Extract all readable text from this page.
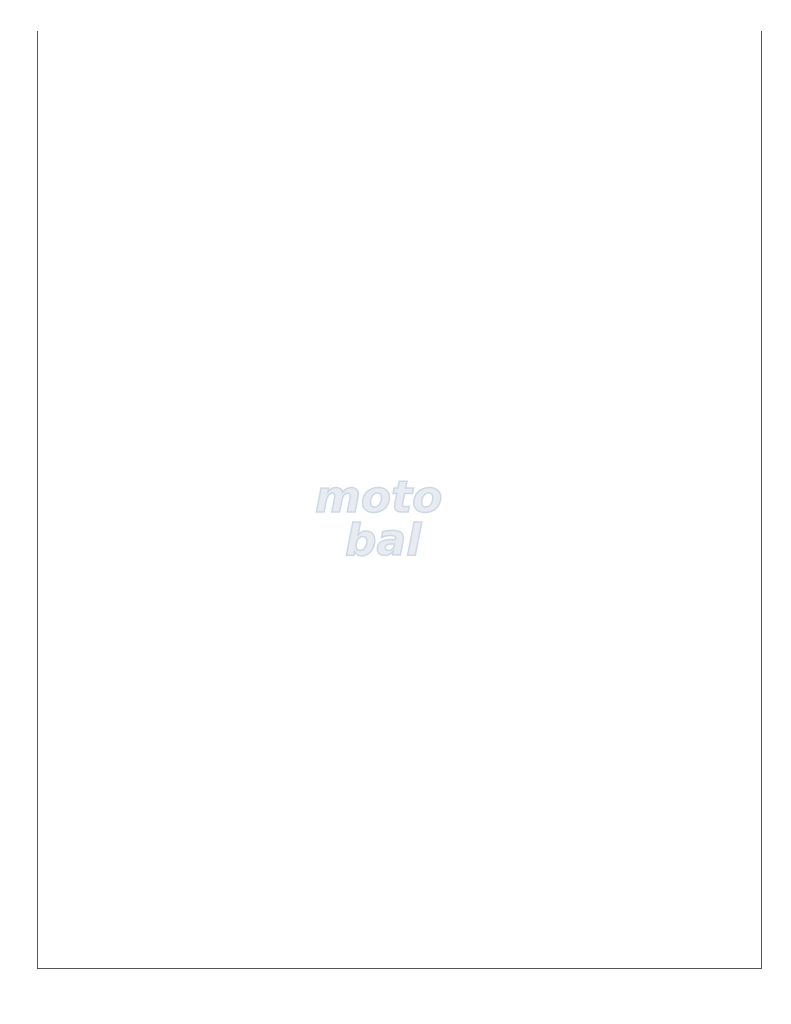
moto
bal
